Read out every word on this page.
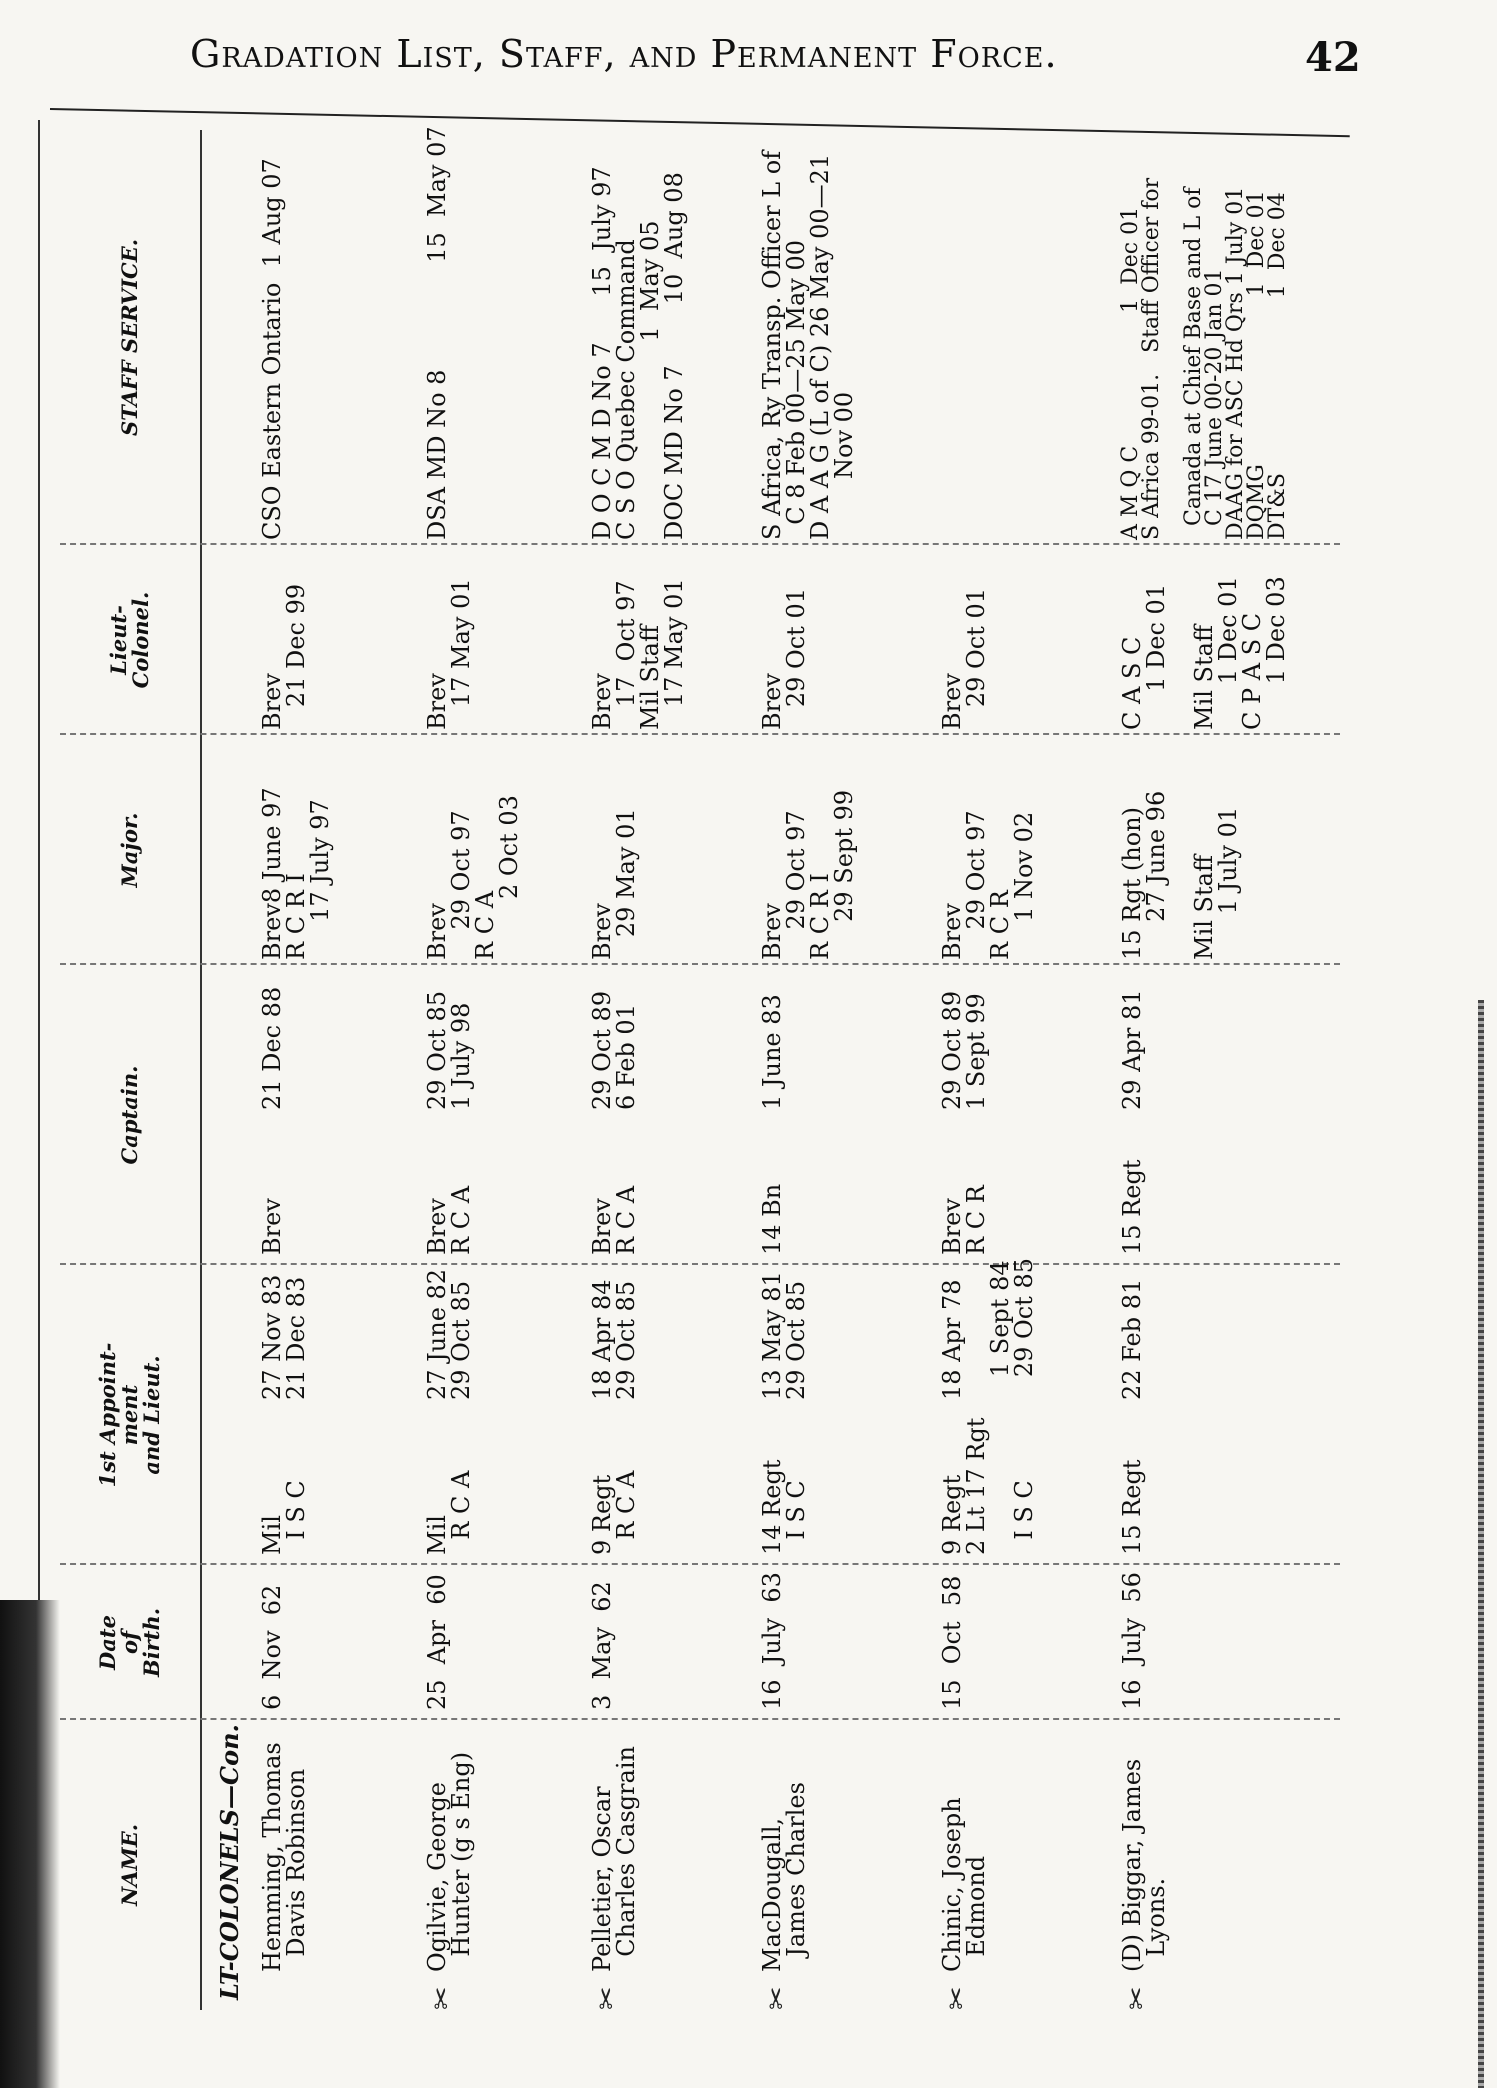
Gradation List, Staff, and Permanent Force.	42
NAME.
Date
of
Birth.
1st Appoint-
ment
and Lieut.
Captain.
Major.
Lieut-
Colonel.
STAFF SERVICE.
LT-COLONELS—Con. Hemming, Thomas
Davis Robinson
6  Nov  62
Mil
I S C
27 Nov 83
21 Dec 83
Brev
21 Dec 88
Brev8 June 97
R C R I
17 July 97
Brev
21 Dec 99
CSO Eastern Ontario  1 Aug 07
✂
Ogilvie, George
Hunter (g s Eng)
25  Apr  60
Mil
R C A
27 June 82
29 Oct 85
Brev
R C A
29 Oct 85
1 July 98
Brev
29 Oct 97
R C A
2 Oct 03
Brev
17 May 01
DSA MD No 8              15  May 07
✂
Pelletier, Oscar
Charles Casgrain
3  May  62
9 Regt
R C A
18 Apr 84
29 Oct 85
Brev
R C A
29 Oct 89
6 Feb 01
Brev
29 May 01
Brev
17  Oct 97
Mil Staff
17 May 01
D O C M D No 7      15  July 97
C S O Quebec Command
1  May 05
DOC MD No 7        10  Aug 08
✂
MacDougall,
James Charles
16  July  63
14 Regt
I S C
13 May 81
29 Oct 85
14 Bn
1 June 83
Brev
29 Oct 97
R C R I
29 Sept 99
Brev
29 Oct 01
S Africa, Ry Transp. Officer L of
C 8 Feb 00—25 May 00
D A A G (L of C) 26 May 00—21
Nov 00
✂
Chinic, Joseph
Edmond
15  Oct  58
9 Regt
2 Lt 17 Rgt

I S C
18 Apr 78

1 Sept 84
29 Oct 85
Brev
R C R
29 Oct 89
1 Sept 99
Brev
29 Oct 97
R C R
1 Nov 02
Brev
29 Oct 01
✂
(D) Biggar, James
Lyons.
16  July  56
15 Regt
22 Feb 81
15 Regt
29 Apr 81
15 Rgt (hon)
27 June 96

Mil Staff
1 July 01
C A S C
1 Dec 01

Mil Staff
1 Dec 01
C P A S C
1 Dec 03
A M Q C                   1  Dec 01
S Africa 99-01.   Staff Officer for

Canada at Chief Base and L of
C 17 June 00-20 Jan 01
DAAG for ASC Hd Qrs 1 July 01
DQMG                        1  Dec 01
DT&S                         1  Dec 04
